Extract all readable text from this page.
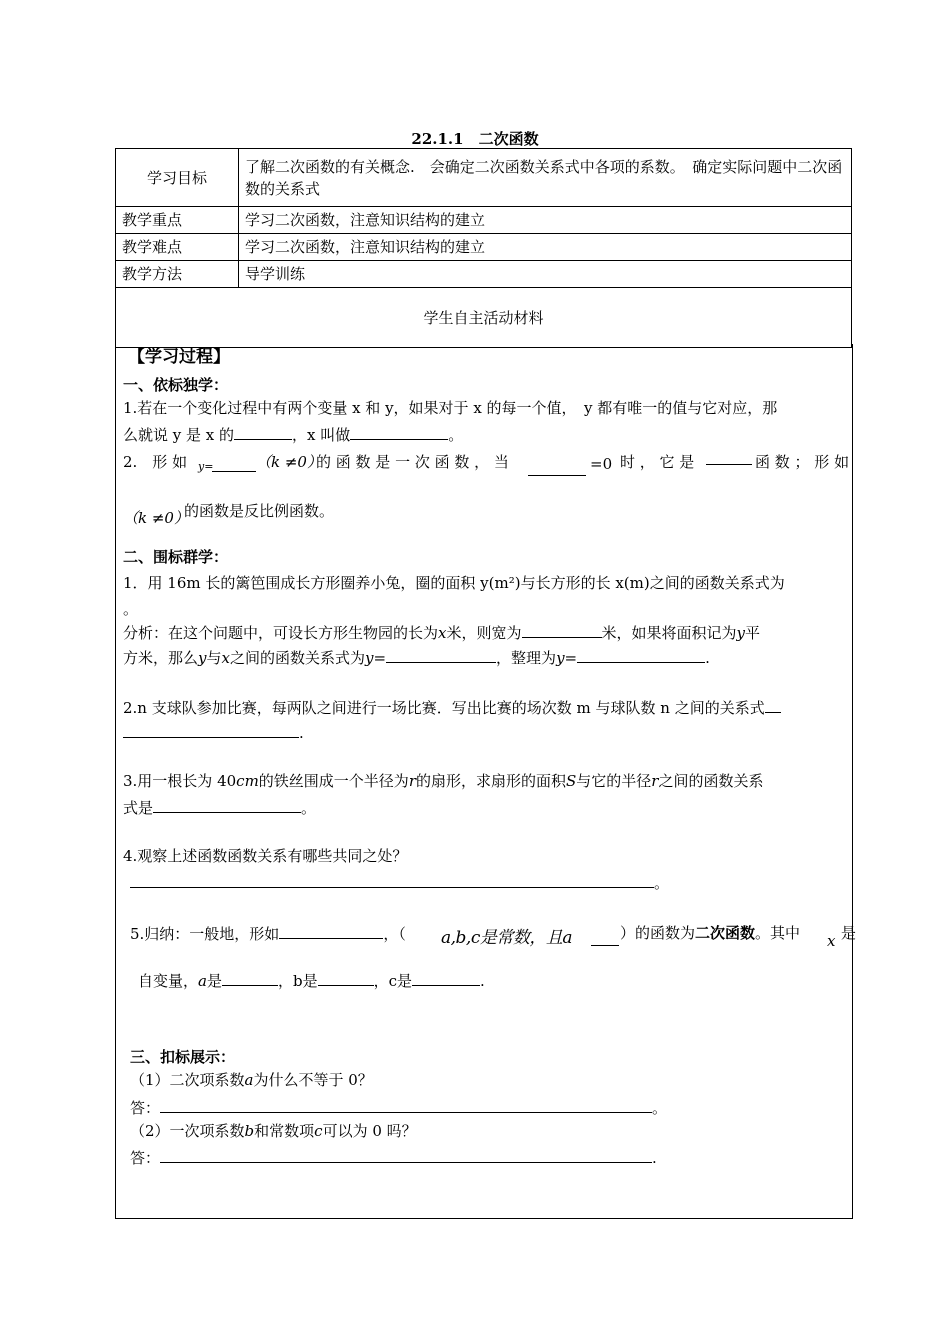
22.1.1　二次函数
学习目标	了解二次函数的有关概念.　会确定二次函数关系式中各项的系数。　确定实际问题中二次函数的关系式
教学重点	学习二次函数，注意知识结构的建立
教学难点	学习二次函数，注意知识结构的建立
教学方法	导学训练
学生自主活动材料	
【学习过程】
一、依标独学：
1.若在一个变化过程中有两个变量 x 和 y，如果对于 x 的每一个值，　y 都有唯一的值与它对应，那
么就说 y 是 x 的	，x 叫做	。
2.　形 如 y=	（k ≠0）
的 函 数 是 一 次 函 数 ， 当	=0 时 ， 它 是	函 数 ； 形 如
（k ≠0）
的函数是反比例函数。
二、围标群学：
1．用 16m 长的篱笆围成长方形圈养小兔，圈的面积 y(m²)与长方形的长 x(m)之间的函数关系式为
。
分析：在这个问题中，可设长方形生物园的长为x米，则宽为	米，如果将面积记为y平
方米，那么y与x之间的函数关系式为y=	，整理为y=	.
2.n 支球队参加比赛，每两队之间进行一场比赛．写出比赛的场次数 m 与球队数 n 之间的关系式
.
3.用一根长为 40cm的铁丝围成一个半径为r的扇形，求扇形的面积S与它的半径r之间的函数关系
式是	。
4.观察上述函数函数关系有哪些共同之处？
。
5.归纳：一般地，形如	，（ a,b,c是常数，且a	）的函数为二次函数。其中 x 是
自变量，a是	，b是	，c是	.
三、扣标展示：
（1）二次项系数a为什么不等于 0？
答：	。
（2）一次项系数b和常数项c可以为 0 吗？
答：	.
